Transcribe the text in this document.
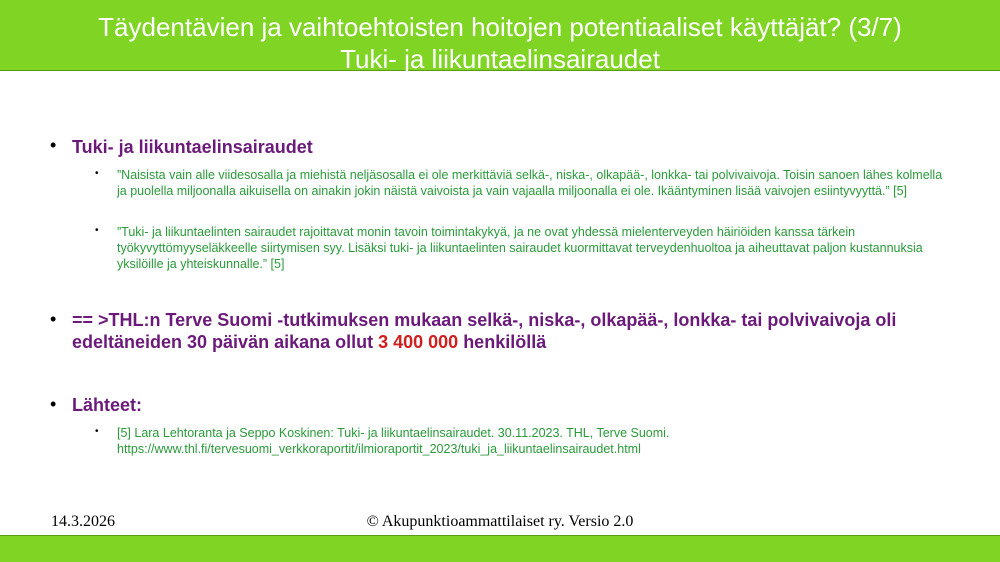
Täydentävien ja vaihtoehtoisten hoitojen potentiaaliset käyttäjät? (3/7)
Tuki- ja liikuntaelinsairaudet
• Tuki- ja liikuntaelinsairaudet
• ”Naisista vain alle viidesosalla ja miehistä neljäsosalla ei ole merkittäviä selkä-, niska-, olkapää-, lonkka- tai polvivaivoja. Toisin sanoen lähes kolmella ja puolella miljoonalla aikuisella on ainakin jokin näistä vaivoista ja vain vajaalla miljoonalla ei ole. Ikääntyminen lisää vaivojen esiintyvyyttä.” [5]
• ”Tuki- ja liikuntaelinten sairaudet rajoittavat monin tavoin toimintakykyä, ja ne ovat yhdessä mielenterveyden häiriöiden kanssa tärkein työkyvyttömyyseläkkeelle siirtymisen syy. Lisäksi tuki- ja liikuntaelinten sairaudet kuormittavat terveydenhuoltoa ja aiheuttavat paljon kustannuksia yksilöille ja yhteiskunnalle.” [5]
• == >THL:n Terve Suomi -tutkimuksen mukaan selkä-, niska-, olkapää-, lonkka- tai polvivaivoja oli edeltäneiden 30 päivän aikana ollut 3 400 000 henkilöllä
• Lähteet:
• [5] Lara Lehtoranta ja Seppo Koskinen: Tuki- ja liikuntaelinsairaudet. 30.11.2023. THL, Terve Suomi. https://www.thl.fi/tervesuomi_verkkoraportit/ilmioraportit_2023/tuki_ja_liikuntaelinsairaudet.html
14.3.2026	© Akupunktioammattilaiset ry. Versio 2.0
